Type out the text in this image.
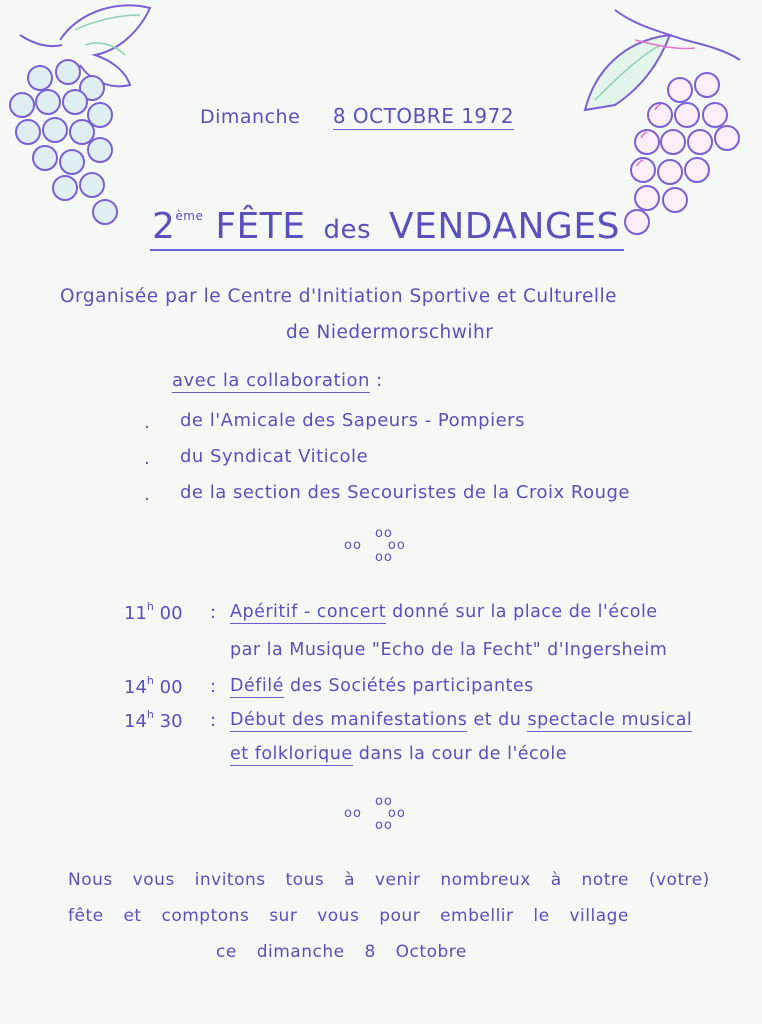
Dimanche 8 OCTOBRE 1972
2ème FÊTE des VENDANGES
Organisée par le Centre d'Initiation Sportive et Culturelle
de Niedermorschwihr
avec la collaboration :
. de l'Amicale des Sapeurs - Pompiers
. du Syndicat Viticole
. de la section des Secouristes de la Croix Rouge
oo
oo oo
oo
11$^h$ 00 : Apéritif - concert donné sur la place de l'école
par la Musique "Echo de la Fecht" d'Ingersheim
14$^h$ 00 : Défilé des Sociétés participantes
14$^h$ 30 : Début des manifestations et du spectacle musical
et folklorique dans la cour de l'école
oo
oo oo
oo
Nous vous invitons tous à venir nombreux à notre (votre)
fête et comptons sur vous pour embellir le village
ce dimanche 8 Octobre
